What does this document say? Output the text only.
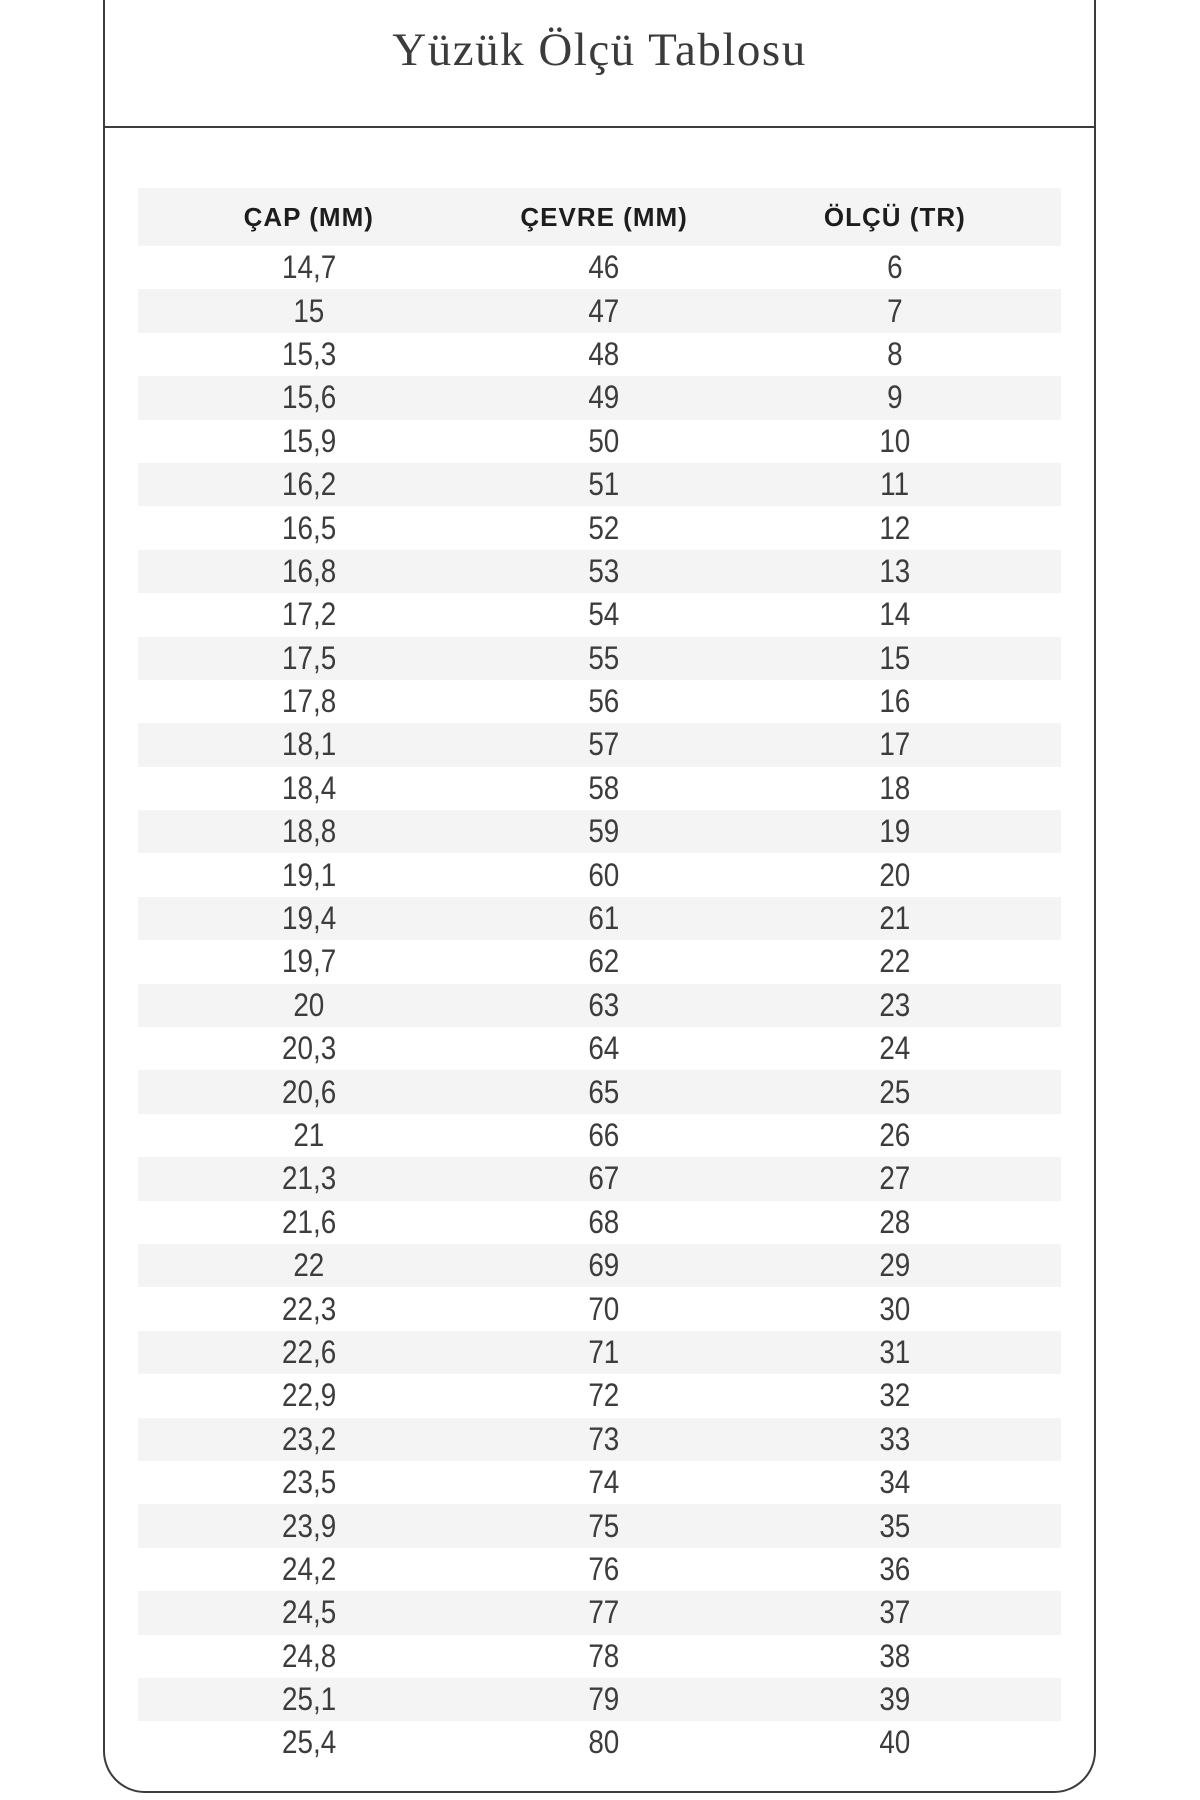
Yüzük Ölçü Tablosu
ÇAP (MM)	ÇEVRE (MM)	ÖLÇÜ (TR)
14,7	46	6
15	47	7
15,3	48	8
15,6	49	9
15,9	50	10
16,2	51	11
16,5	52	12
16,8	53	13
17,2	54	14
17,5	55	15
17,8	56	16
18,1	57	17
18,4	58	18
18,8	59	19
19,1	60	20
19,4	61	21
19,7	62	22
20	63	23
20,3	64	24
20,6	65	25
21	66	26
21,3	67	27
21,6	68	28
22	69	29
22,3	70	30
22,6	71	31
22,9	72	32
23,2	73	33
23,5	74	34
23,9	75	35
24,2	76	36
24,5	77	37
24,8	78	38
25,1	79	39
25,4	80	40
